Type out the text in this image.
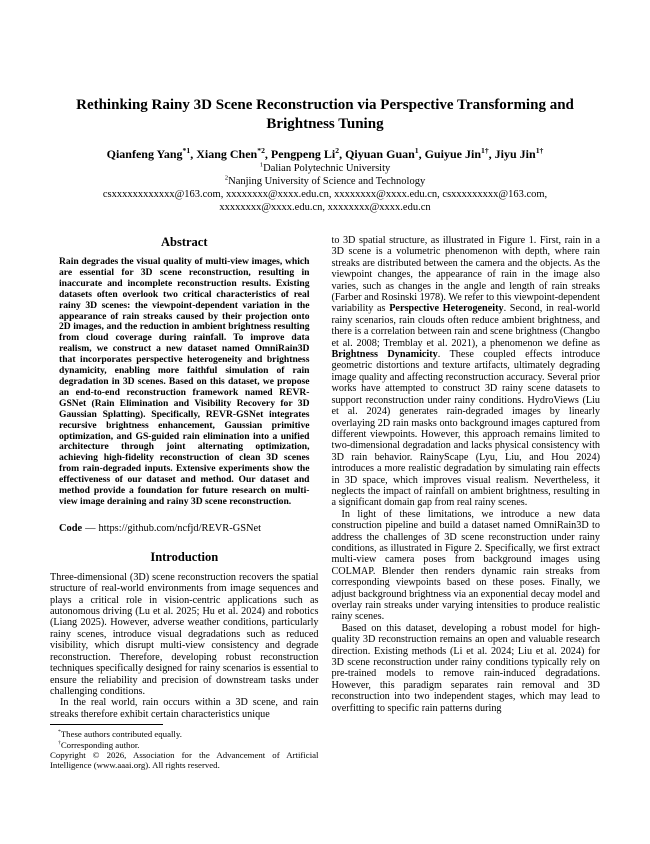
Rethinking Rainy 3D Scene Reconstruction via Perspective Transforming and Brightness Tuning
Qianfeng Yang$^{*1}$, Xiang Chen$^{*2}$, Pengpeng Li$^2$, Qiyuan Guan$^1$, Guiyue Jin$^{1\dagger}$, Jiyu Jin$^{1\dagger}$
$^1$Dalian Polytechnic University
$^2$Nanjing University of Science and Technology
csxxxxxxxxxxxx@163.com, xxxxxxxx@xxxx.edu.cn, xxxxxxxx@xxxx.edu.cn, csxxxxxxxxx@163.com,
xxxxxxxx@xxxx.edu.cn, xxxxxxxx@xxxx.edu.cn
Abstract

Rain degrades the visual quality of multi-view images, which are essential for 3D scene reconstruction, resulting in inaccurate and incomplete reconstruction results. Existing datasets often overlook two critical characteristics of real rainy 3D scenes: the viewpoint-dependent variation in the appearance of rain streaks caused by their projection onto 2D images, and the reduction in ambient brightness resulting from cloud coverage during rainfall. To improve data realism, we construct a new dataset named OmniRain3D that incorporates perspective heterogeneity and brightness dynamicity, enabling more faithful simulation of rain degradation in 3D scenes. Based on this dataset, we propose an end-to-end reconstruction framework named REVR-GSNet (Rain Elimination and Visibility Recovery for 3D Gaussian Splatting). Specifically, REVR-GSNet integrates recursive brightness enhancement, Gaussian primitive optimization, and GS-guided rain elimination into a unified architecture through joint alternating optimization, achieving high-fidelity reconstruction of clean 3D scenes from rain-degraded inputs. Extensive experiments show the effectiveness of our dataset and method. Our dataset and method provide a foundation for future research on multi-view image deraining and rainy 3D scene reconstruction.

Code — https://github.com/ncfjd/REVR-GSNet

Introduction

Three-dimensional (3D) scene reconstruction recovers the spatial structure of real-world environments from image sequences and plays a critical role in vision-centric applications such as autonomous driving (Lu et al. 2025; Hu et al. 2024) and robotics (Liang 2025). However, adverse weather conditions, particularly rainy scenes, introduce visual degradations such as reduced visibility, which disrupt multi-view consistency and degrade reconstruction. Therefore, developing robust reconstruction techniques specifically designed for rainy scenarios is essential to ensure the reliability and precision of downstream tasks under challenging conditions.

In the real world, rain occurs within a 3D scene, and rain streaks therefore exhibit certain characteristics unique

*These authors contributed equally.

†Corresponding author.

Copyright © 2026, Association for the Advancement of Artificial Intelligence (www.aaai.org). All rights reserved.

to 3D spatial structure, as illustrated in Figure 1. First, rain in a 3D scene is a volumetric phenomenon with depth, where rain streaks are distributed between the camera and the objects. As the viewpoint changes, the appearance of rain in the image also varies, such as changes in the angle and length of rain streaks (Farber and Rosinski 1978). We refer to this viewpoint-dependent variability as Perspective Heterogeneity. Second, in real-world rainy scenarios, rain clouds often reduce ambient brightness, and there is a correlation between rain and scene brightness (Changbo et al. 2008; Tremblay et al. 2021), a phenomenon we define as Brightness Dynamicity. These coupled effects introduce geometric distortions and texture artifacts, ultimately degrading image quality and affecting reconstruction accuracy. Several prior works have attempted to construct 3D rainy scene datasets to support reconstruction under rainy conditions. HydroViews (Liu et al. 2024) generates rain-degraded images by linearly overlaying 2D rain masks onto background images captured from different viewpoints. However, this approach remains limited to two-dimensional degradation and lacks physical consistency with 3D rain behavior. RainyScape (Lyu, Liu, and Hou 2024) introduces a more realistic degradation by simulating rain effects in 3D space, which improves visual realism. Nevertheless, it neglects the impact of rainfall on ambient brightness, resulting in a significant domain gap from real rainy scenes.

In light of these limitations, we introduce a new data construction pipeline and build a dataset named OmniRain3D to address the challenges of 3D scene reconstruction under rainy conditions, as illustrated in Figure 2. Specifically, we first extract multi-view camera poses from background images using COLMAP. Blender then renders dynamic rain streaks from corresponding viewpoints based on these poses. Finally, we adjust background brightness via an exponential decay model and overlay rain streaks under varying intensities to produce realistic rainy scenes.

Based on this dataset, developing a robust model for high-quality 3D reconstruction remains an open and valuable research direction. Existing methods (Li et al. 2024; Liu et al. 2024) for 3D scene reconstruction under rainy conditions typically rely on pre-trained models to remove rain-induced degradations. However, this paradigm separates rain removal and 3D reconstruction into two independent stages, which may lead to overfitting to specific rain patterns during
